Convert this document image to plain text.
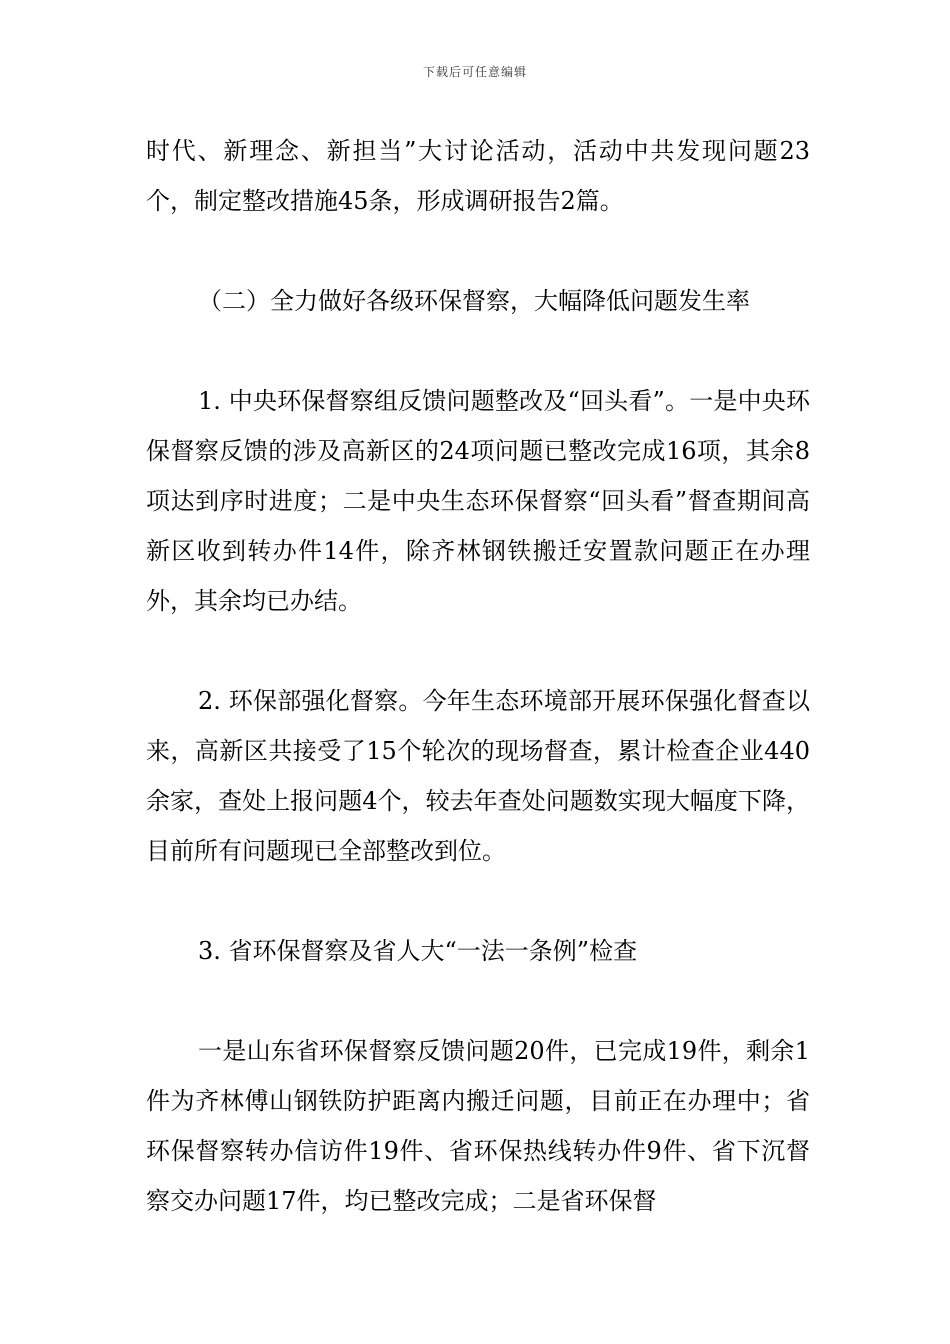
下载后可任意编辑

时代、新理念、新担当”大讨论活动，活动中共发现问题23个，制定整改措施45条，形成调研报告2篇。

（二）全力做好各级环保督察，大幅降低问题发生率

1. 中央环保督察组反馈问题整改及“回头看”。一是中央环保督察反馈的涉及高新区的24项问题已整改完成16项，其余8项达到序时进度；二是中央生态环保督察“回头看”督查期间高新区收到转办件14件，除齐林钢铁搬迁安置款问题正在办理外，其余均已办结。

2. 环保部强化督察。今年生态环境部开展环保强化督查以来，高新区共接受了15个轮次的现场督查，累计检查企业440余家，查处上报问题4个，较去年查处问题数实现大幅度下降，目前所有问题现已全部整改到位。

3. 省环保督察及省人大“一法一条例”检查

一是山东省环保督察反馈问题20件，已完成19件，剩余1件为齐林傅山钢铁防护距离内搬迁问题，目前正在办理中；省环保督察转办信访件19件、省环保热线转办件9件、省下沉督察交办问题17件，均已整改完成；二是省环保督
